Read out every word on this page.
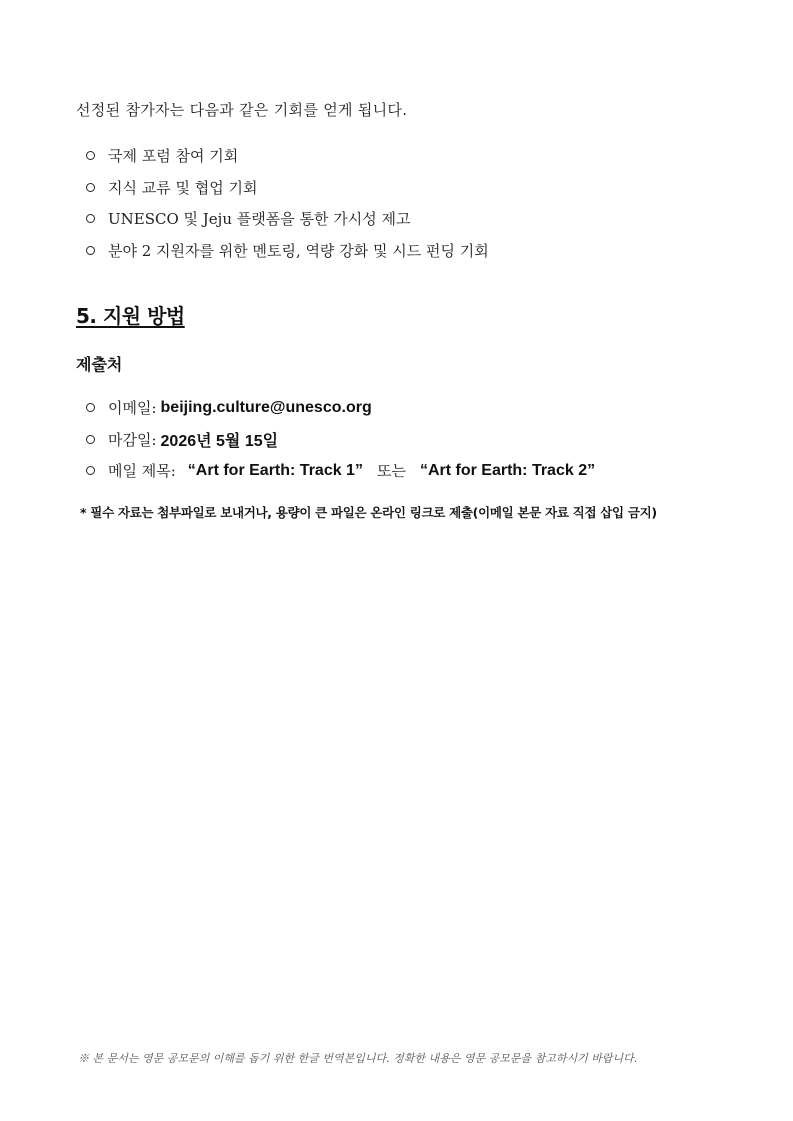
선정된 참가자는 다음과 같은 기회를 얻게 됩니다.
국제 포럼 참여 기회
지식 교류 및 협업 기회
UNESCO 및 Jeju 플랫폼을 통한 가시성 제고
분야 2 지원자를 위한 멘토링, 역량 강화 및 시드 펀딩 기회
5. 지원 방법
제출처
이메일: beijing.culture@unesco.org
마감일: 2026년 5월 15일
메일 제목: “Art for Earth: Track 1” 또는 “Art for Earth: Track 2”
* 필수 자료는 첨부파일로 보내거나, 용량이 큰 파일은 온라인 링크로 제출(이메일 본문 자료 직접 삽입 금지)
※ 본 문서는 영문 공모문의 이해를 돕기 위한 한글 번역본입니다. 정확한 내용은 영문 공모문을 참고하시기 바랍니다.
